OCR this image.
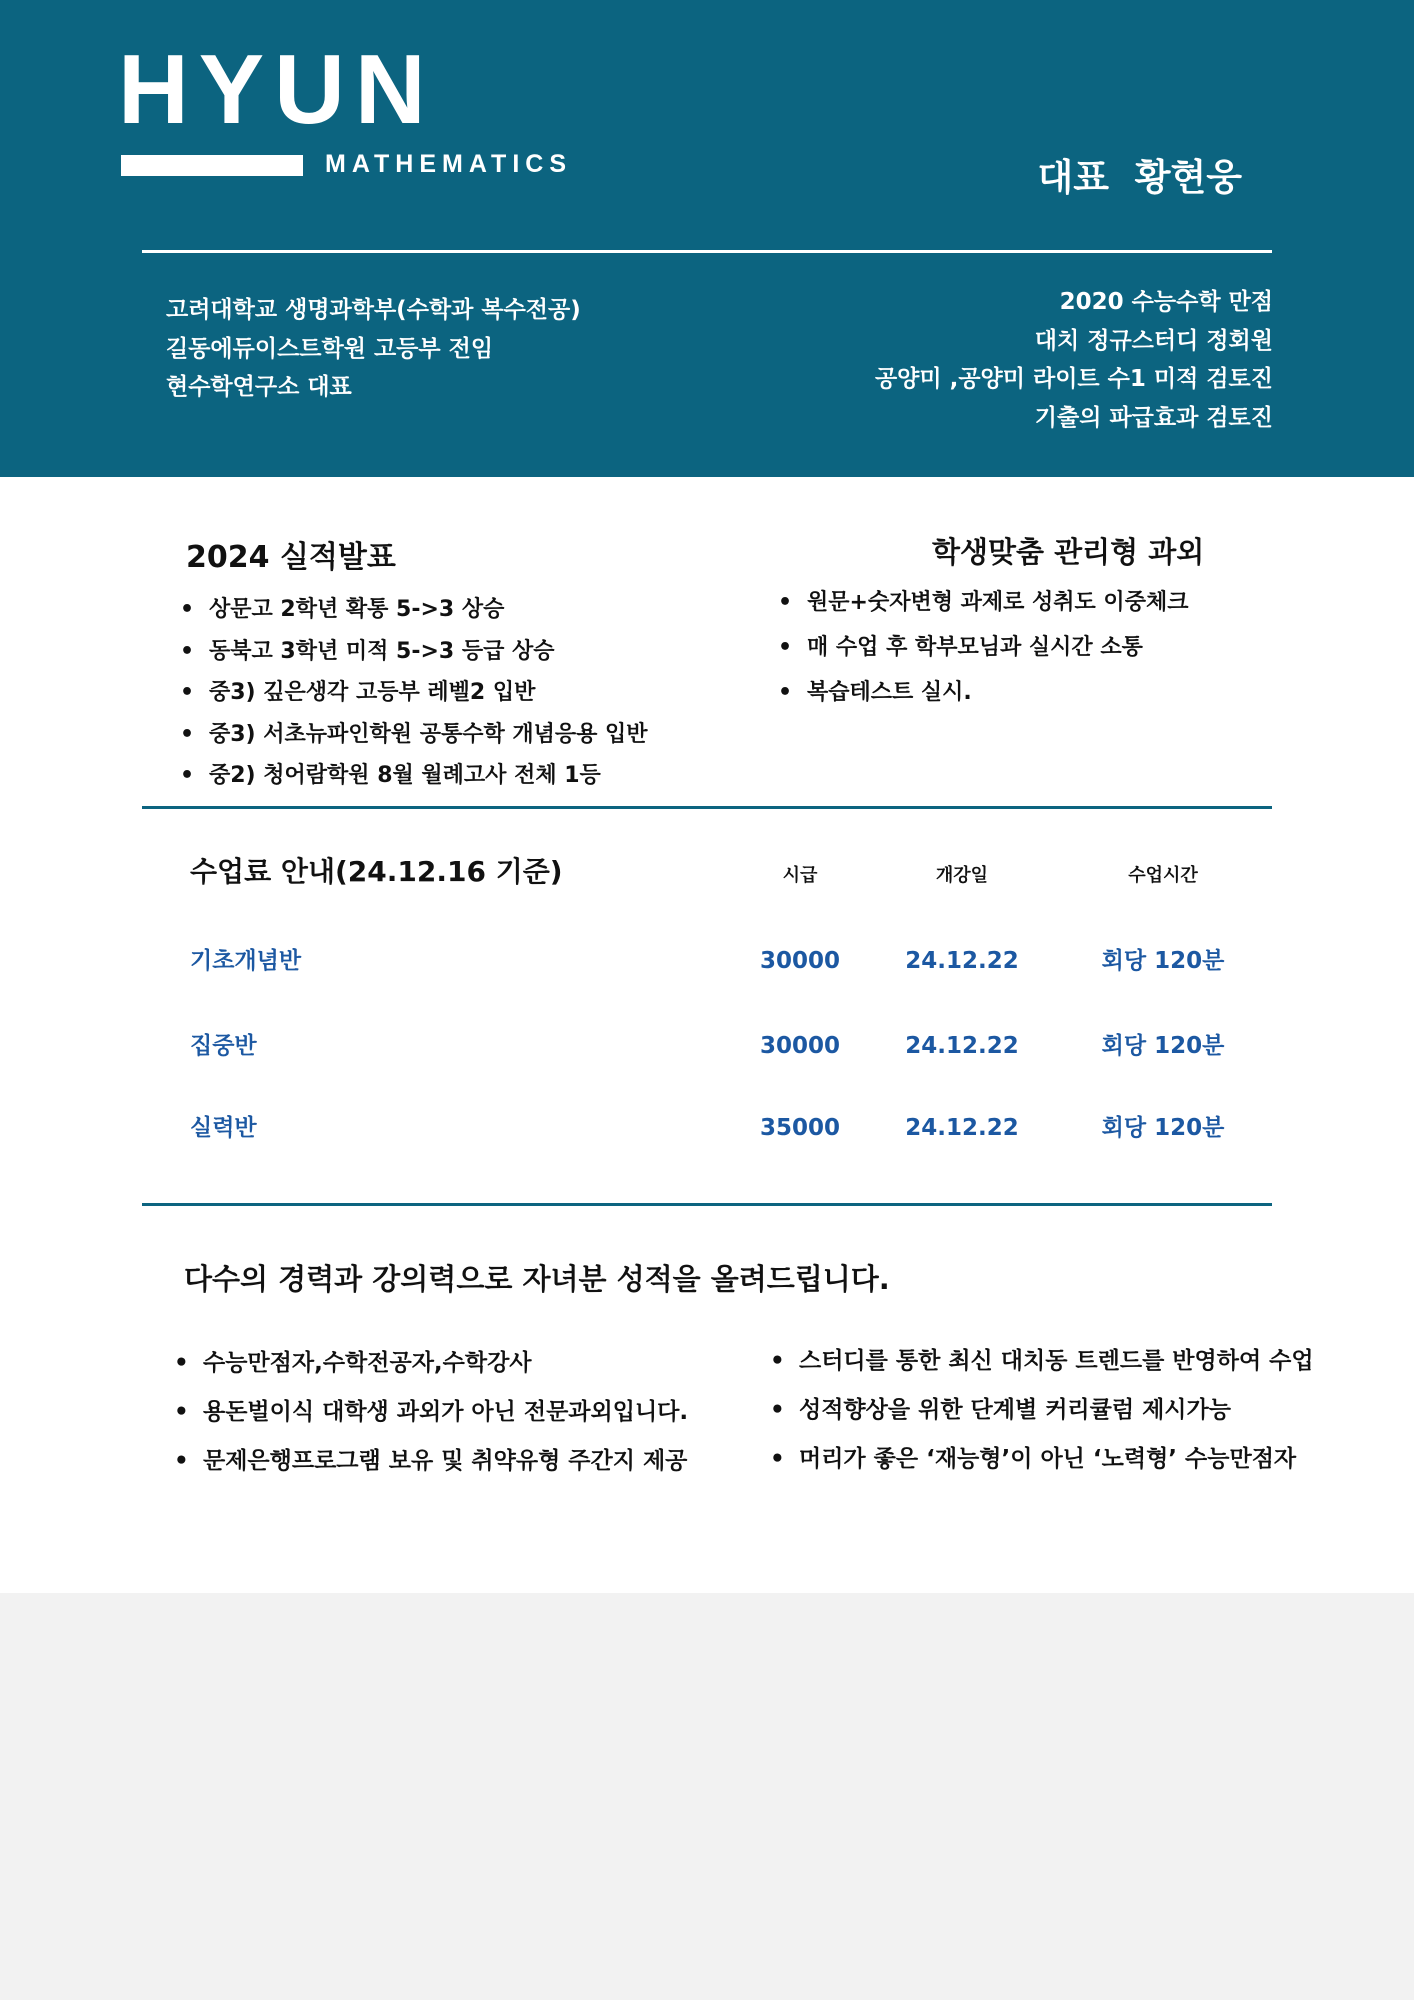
HYUN
MATHEMATICS	대표  황현웅
고려대학교 생명과학부(수학과 복수전공)
길동에듀이스트학원 고등부 전임
현수학연구소 대표
2020 수능수학 만점
대치 정규스터디 정회원
공양미 ,공양미 라이트 수1 미적 검토진
기출의 파급효과 검토진
2024 실적발표
• 상문고 2학년 확통 5->3 상승
• 동북고 3학년 미적 5->3 등급 상승
• 중3) 깊은생각 고등부 레벨2 입반
• 중3) 서초뉴파인학원 공통수학 개념응용 입반
• 중2) 청어람학원 8월 월례고사 전체 1등
학생맞춤 관리형 과외
• 원문+숫자변형 과제로 성취도 이중체크
• 매 수업 후 학부모님과 실시간 소통
• 복습테스트 실시.
수업료 안내(24.12.16 기준)	시급	개강일	수업시간
기초개념반	30000	24.12.22	회당 120분
집중반	30000	24.12.22	회당 120분
실력반	35000	24.12.22	회당 120분
다수의 경력과 강의력으로 자녀분 성적을 올려드립니다.
• 수능만점자,수학전공자,수학강사
• 용돈벌이식 대학생 과외가 아닌 전문과외입니다.
• 문제은행프로그램 보유 및 취약유형 주간지 제공
• 스터디를 통한 최신 대치동 트렌드를 반영하여 수업
• 성적향상을 위한 단계별 커리큘럼 제시가능
• 머리가 좋은 ‘재능형’이 아닌 ‘노력형’ 수능만점자
